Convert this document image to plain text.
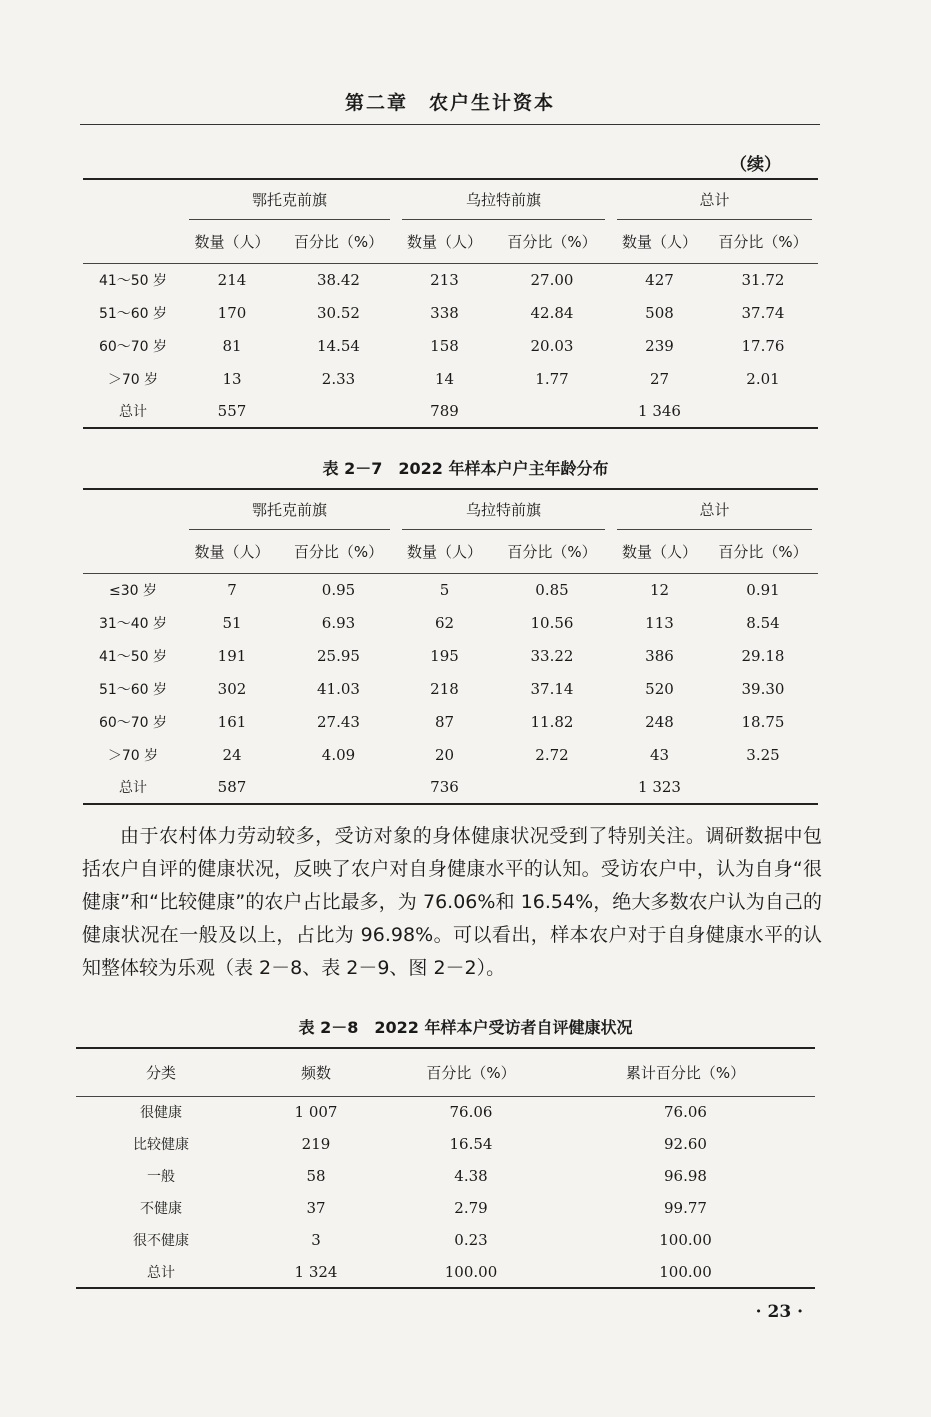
第二章　农户生计资本
（续）

	鄂托克前旗		乌拉特前旗		总计	

	数量（人）	百分比（%）	数量（人）	百分比（%）	数量（人）	百分比（%）
41～50 岁	214	38.42	213	27.00	427	31.72
51～60 岁	170	30.52	338	42.84	508	37.74
60～70 岁	81	14.54	158	20.03	239	17.76
＞70 岁	13	2.33	14	1.77	27	2.01
总计	557		789		1 346	
表 2－7　2022 年样本户户主年龄分布

	鄂托克前旗		乌拉特前旗		总计	

	数量（人）	百分比（%）	数量（人）	百分比（%）	数量（人）	百分比（%）
≤30 岁	7	0.95	5	0.85	12	0.91
31～40 岁	51	6.93	62	10.56	113	8.54
41～50 岁	191	25.95	195	33.22	386	29.18
51～60 岁	302	41.03	218	37.14	520	39.30
60～70 岁	161	27.43	87	11.82	248	18.75
＞70 岁	24	4.09	20	2.72	43	3.25
总计	587		736		1 323	

由于农村体力劳动较多，受访对象的身体健康状况受到了特别关注。调研数据中包括农户自评的健康状况，反映了农户对自身健康水平的认知。受访农户中，认为自身“很健康”和“比较健康”的农户占比最多，为 76.06%和 16.54%，绝大多数农户认为自己的健康状况在一般及以上，占比为 96.98%。可以看出，样本农户对于自身健康水平的认知整体较为乐观（表 2－8、表 2－9、图 2－2）。

表 2－8　2022 年样本户受访者自评健康状况
分类	频数	百分比（%）	累计百分比（%）
很健康	1 007	76.06	76.06
比较健康	219	16.54	92.60
一般	58	4.38	96.98
不健康	37	2.79	99.77
很不健康	3	0.23	100.00
总计	1 324	100.00	100.00
· 23 ·
